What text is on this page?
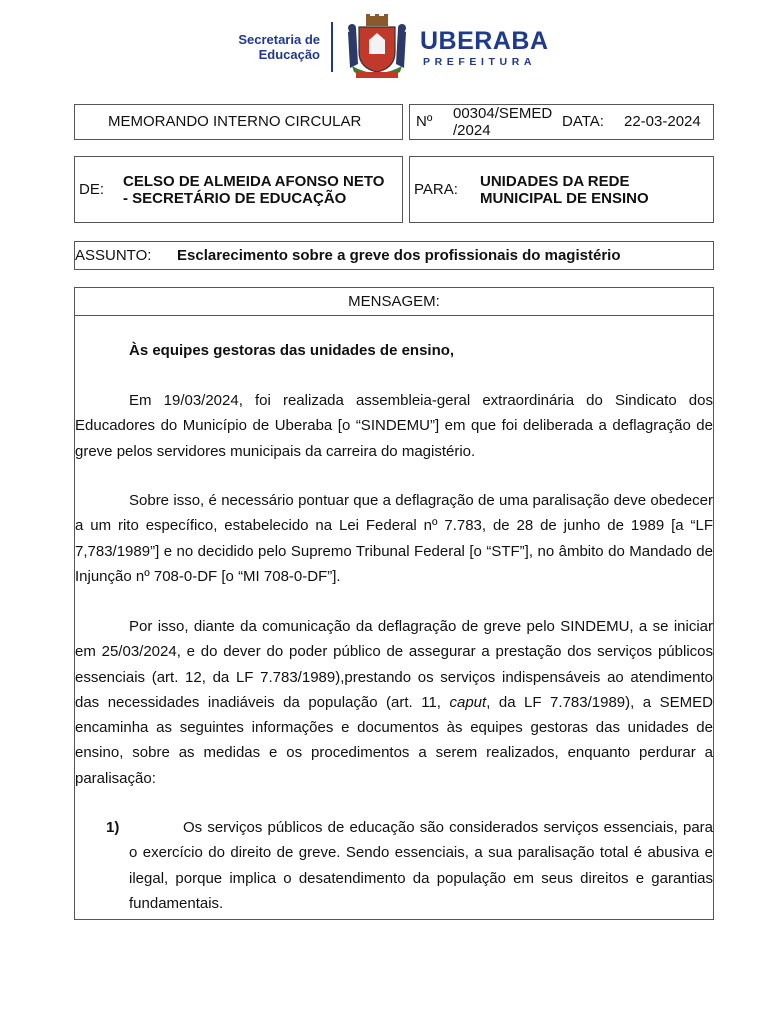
Secretaria de
Educação	UBERABA
PREFEITURA
MEMORANDO INTERNO CIRCULAR	Nº 00304/SEMED
/2024
DATA: 22-03-2024
DE: CELSO DE ALMEIDA AFONSO NETO
- SECRETÁRIO DE EDUCAÇÃO
PARA: UNIDADES DA REDE
MUNICIPAL DE ENSINO
ASSUNTO: Esclarecimento sobre a greve dos profissionais do magistério
MENSAGEM:

Às equipes gestoras das unidades de ensino,

Em 19/03/2024, foi realizada assembleia-geral extraordinária do Sindicato dos Educadores do Município de Uberaba [o “SINDEMU”] em que foi deliberada a deflagração de greve pelos servidores municipais da carreira do magistério.

Sobre isso, é necessário pontuar que a deflagração de uma paralisação deve obedecer a um rito específico, estabelecido na Lei Federal nº 7.783, de 28 de junho de 1989 [a “LF 7,783/1989”] e no decidido pelo Supremo Tribunal Federal [o “STF”], no âmbito do Mandado de Injunção nº 708-0-DF [o “MI 708-0-DF”].

Por isso, diante da comunicação da deflagração de greve pelo SINDEMU, a se iniciar em 25/03/2024, e do dever do poder público de assegurar a prestação dos serviços públicos essenciais (art. 12, da LF 7.783/1989),prestando os serviços indispensáveis ao atendimento das necessidades inadiáveis da população (art. 11, caput, da LF 7.783/1989), a SEMED encaminha as seguintes informações e documentos às equipes gestoras das unidades de ensino, sobre as medidas e os procedimentos a serem realizados, enquanto perdurar a paralisação:

1)	Os serviços públicos de educação são considerados serviços essenciais, para o exercício do direito de greve. Sendo essenciais, a sua paralisação total é abusiva e ilegal, porque implica o desatendimento da população em seus direitos e garantias fundamentais.
